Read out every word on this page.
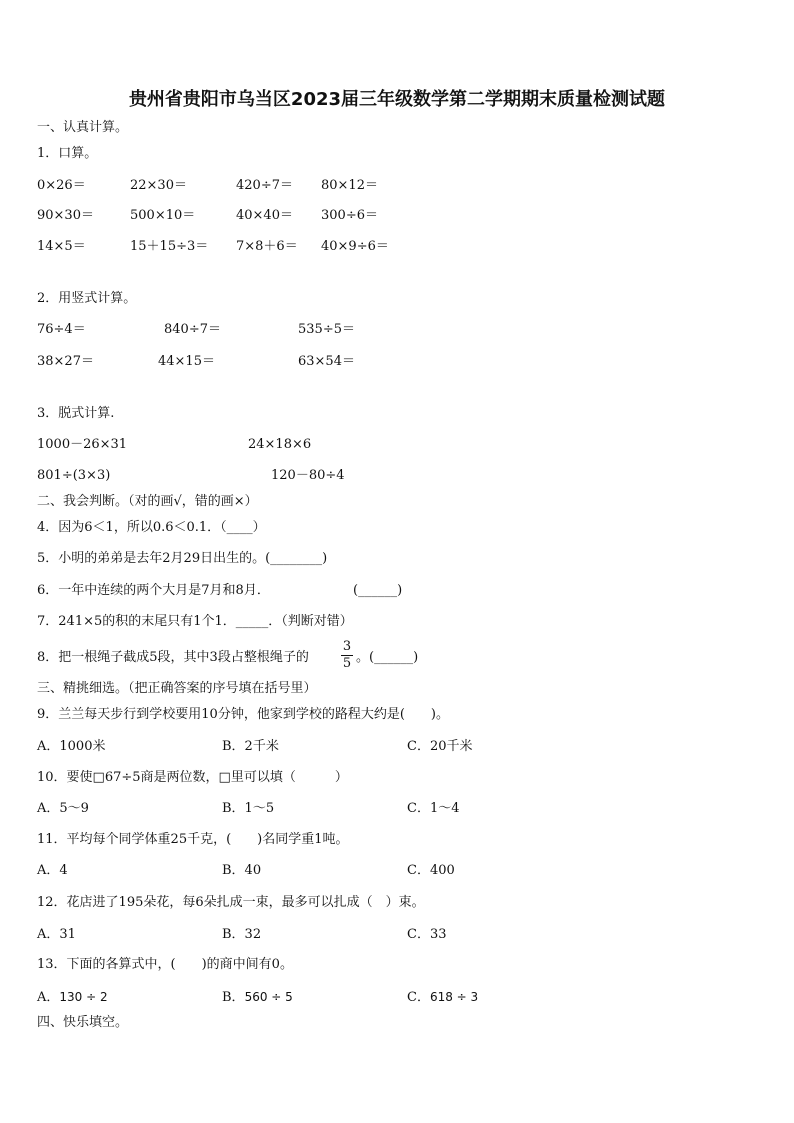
贵州省贵阳市乌当区2023届三年级数学第二学期期末质量检测试题
一、认真计算。
1．口算。
0×26＝	22×30＝	420÷7＝ 80×12＝
90×30＝	500×10＝	40×40＝ 300÷6＝
14×5＝	15＋15÷3＝ 7×8＋6＝ 40×9÷6＝
2．用竖式计算。
76÷4＝	840÷7＝	535÷5＝
38×27＝	44×15＝	63×54＝
3．脱式计算.
1000－26×31	24×18×6
801÷(3×3)	120－80÷4
二、我会判断。（对的画√，错的画×）
4．因为6＜1，所以0.6＜0.1．（____）
5．小明的弟弟是去年2月29日出生的。(________)
6．一年中连续的两个大月是7月和8月．	(______)
7．241×5的积的末尾只有1个1．_____．（判断对错）
8．把一根绳子截成5段，其中3段占整根绳子的 $\frac{3}{5}$ 。(______)
三、精挑细选。（把正确答案的序号填在括号里）
9．兰兰每天步行到学校要用10分钟，他家到学校的路程大约是(　　)。
A．1000米	B．2千米	C．20千米
10．要使□67÷5商是两位数，□里可以填（　　　）
A．5～9	B．1～5	C．1～4
11．平均每个同学体重25千克，(　　)名同学重1吨。
A．4	B．40	C．400
12．花店进了195朵花，每6朵扎成一束，最多可以扎成（　）束。
A．31	B．32	C．33
13．下面的各算式中，(　　)的商中间有0。
A．130 ÷ 2	B．560 ÷ 5	C．618 ÷ 3
四、快乐填空。
